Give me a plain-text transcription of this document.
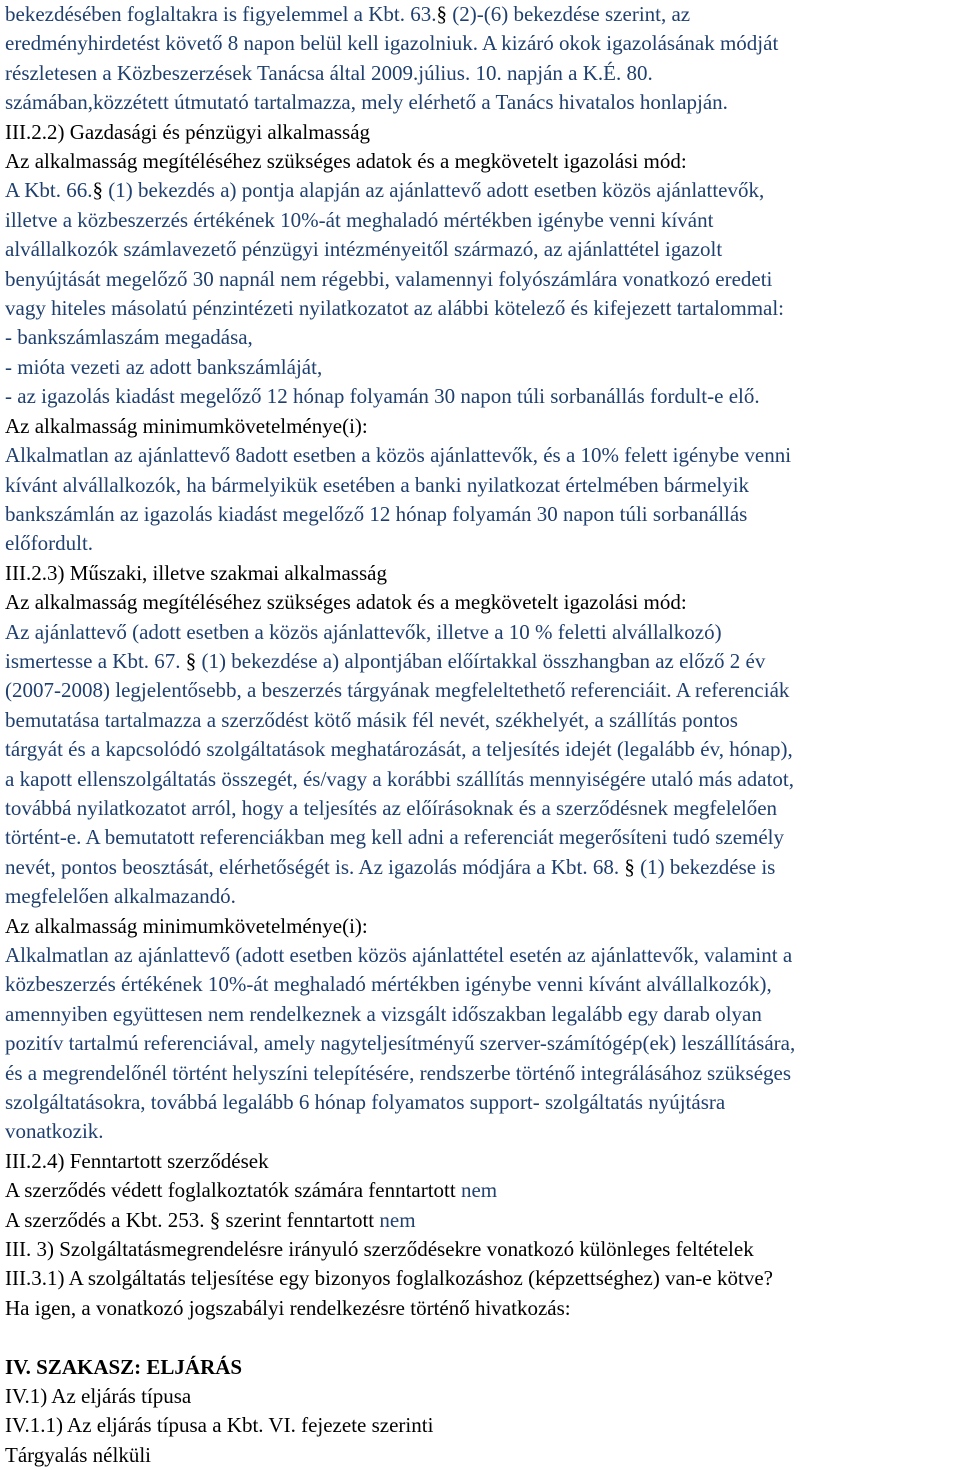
bekezdésében foglaltakra is figyelemmel a Kbt. 63.§ (2)-(6) bekezdése szerint, az
eredményhirdetést követő 8 napon belül kell igazolniuk. A kizáró okok igazolásának módját
részletesen a Közbeszerzések Tanácsa által 2009.július. 10. napján a K.É. 80.
számában,közzétett útmutató tartalmazza, mely elérhető a Tanács hivatalos honlapján.
III.2.2) Gazdasági és pénzügyi alkalmasság
Az alkalmasság megítéléséhez szükséges adatok és a megkövetelt igazolási mód:
A Kbt. 66.§ (1) bekezdés a) pontja alapján az ajánlattevő adott esetben közös ajánlattevők,
illetve a közbeszerzés értékének 10%-át meghaladó mértékben igénybe venni kívánt
alvállalkozók számlavezető pénzügyi intézményeitől származó, az ajánlattétel igazolt
benyújtását megelőző 30 napnál nem régebbi, valamennyi folyószámlára vonatkozó eredeti
vagy hiteles másolatú pénzintézeti nyilatkozatot az alábbi kötelező és kifejezett tartalommal:
- bankszámlaszám megadása,
- mióta vezeti az adott bankszámláját,
- az igazolás kiadást megelőző 12 hónap folyamán 30 napon túli sorbanállás fordult-e elő.
Az alkalmasság minimumkövetelménye(i):
Alkalmatlan az ajánlattevő 8adott esetben a közös ajánlattevők, és a 10% felett igénybe venni
kívánt alvállalkozók, ha bármelyikük esetében a banki nyilatkozat értelmében bármelyik
bankszámlán az igazolás kiadást megelőző 12 hónap folyamán 30 napon túli sorbanállás
előfordult.
III.2.3) Műszaki, illetve szakmai alkalmasság
Az alkalmasság megítéléséhez szükséges adatok és a megkövetelt igazolási mód:
Az ajánlattevő (adott esetben a közös ajánlattevők, illetve a 10 % feletti alvállalkozó)
ismertesse a Kbt. 67. § (1) bekezdése a) alpontjában előírtakkal összhangban az előző 2 év
(2007-2008) legjelentősebb, a beszerzés tárgyának megfeleltethető referenciáit. A referenciák
bemutatása tartalmazza a szerződést kötő másik fél nevét, székhelyét, a szállítás pontos
tárgyát és a kapcsolódó szolgáltatások meghatározását, a teljesítés idejét (legalább év, hónap),
a kapott ellenszolgáltatás összegét, és/vagy a korábbi szállítás mennyiségére utaló más adatot,
továbbá nyilatkozatot arról, hogy a teljesítés az előírásoknak és a szerződésnek megfelelően
történt-e. A bemutatott referenciákban meg kell adni a referenciát megerősíteni tudó személy
nevét, pontos beosztását, elérhetőségét is. Az igazolás módjára a Kbt. 68. § (1) bekezdése is
megfelelően alkalmazandó.
Az alkalmasság minimumkövetelménye(i):
Alkalmatlan az ajánlattevő (adott esetben közös ajánlattétel esetén az ajánlattevők, valamint a
közbeszerzés értékének 10%-át meghaladó mértékben igénybe venni kívánt alvállalkozók),
amennyiben együttesen nem rendelkeznek a vizsgált időszakban legalább egy darab olyan
pozitív tartalmú referenciával, amely nagyteljesítményű szerver-számítógép(ek) leszállítására,
és a megrendelőnél történt helyszíni telepítésére, rendszerbe történő integrálásához szükséges
szolgáltatásokra, továbbá legalább 6 hónap folyamatos support- szolgáltatás nyújtásra
vonatkozik.
III.2.4) Fenntartott szerződések
A szerződés védett foglalkoztatók számára fenntartott nem
A szerződés a Kbt. 253. § szerint fenntartott nem
III. 3) Szolgáltatásmegrendelésre irányuló szerződésekre vonatkozó különleges feltételek
III.3.1) A szolgáltatás teljesítése egy bizonyos foglalkozáshoz (képzettséghez) van-e kötve?
Ha igen, a vonatkozó jogszabályi rendelkezésre történő hivatkozás:
IV. SZAKASZ: ELJÁRÁS
IV.1) Az eljárás típusa
IV.1.1) Az eljárás típusa a Kbt. VI. fejezete szerinti
Tárgyalás nélküli
